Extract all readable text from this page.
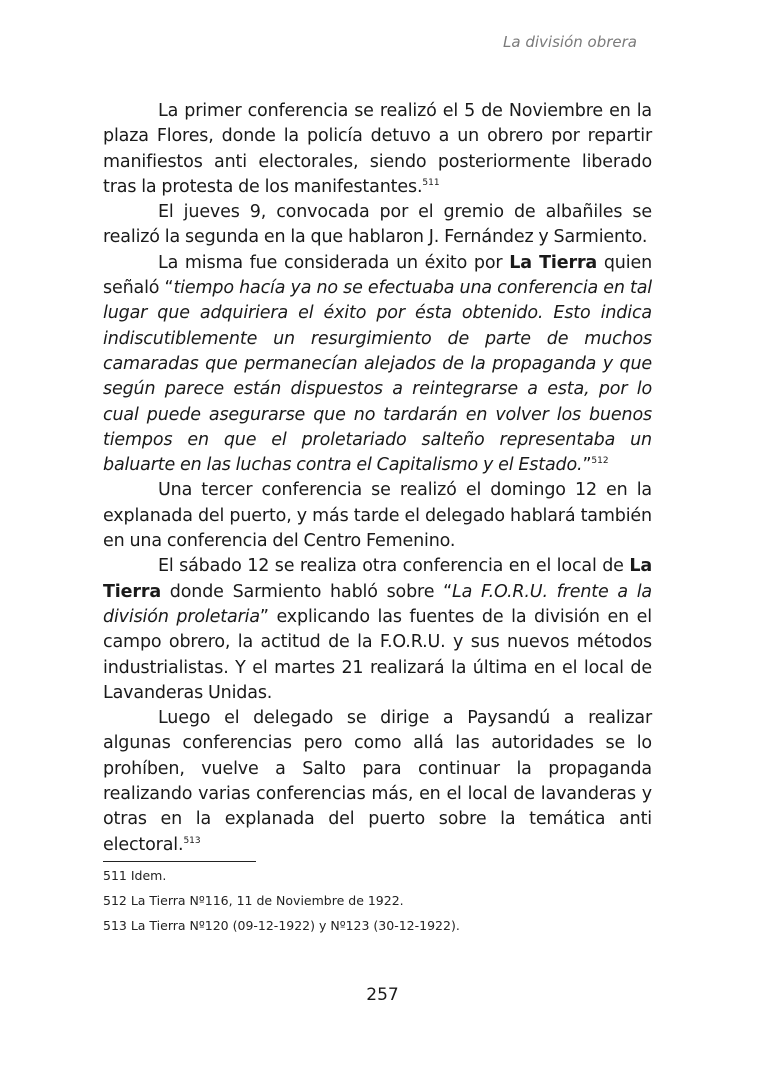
La división obrera

La primer conferencia se realizó el 5 de Noviembre en la plaza Flores, donde la policía detuvo a un obrero por repartir manifiestos anti electorales, siendo posteriormente liberado tras la protesta de los manifestantes.$^{511}$

El jueves 9, convocada por el gremio de albañiles se realizó la segunda en la que hablaron J. Fernández y Sarmiento.

La misma fue considerada un éxito por La Tierra quien señaló “tiempo hacía ya no se efectuaba una conferencia en tal lugar que adquiriera el éxito por ésta obtenido. Esto indica indiscutiblemente un resurgimiento de parte de muchos camaradas que permanecían alejados de la propaganda y que según parece están dispuestos a reintegrarse a esta, por lo cual puede asegurarse que no tardarán en volver los buenos tiempos en que el proletariado salteño representaba un baluarte en las luchas contra el Capitalismo y el Estado.”$^{512}$

Una tercer conferencia se realizó el domingo 12 en la explanada del puerto, y más tarde el delegado hablará también en una conferencia del Centro Femenino.

El sábado 12 se realiza otra conferencia en el local de La Tierra donde Sarmiento habló sobre “La F.O.R.U. frente a la división proletaria” explicando las fuentes de la división en el campo obrero, la actitud de la F.O.R.U. y sus nuevos métodos industrialistas. Y el martes 21 realizará la última en el local de Lavanderas Unidas.

Luego el delegado se dirige a Paysandú a realizar algunas conferencias pero como allá las autoridades se lo prohíben, vuelve a Salto para continuar la propaganda realizando varias conferencias más, en el local de lavanderas y otras en la explanada del puerto sobre la temática anti electoral.$^{513}$

511 Idem.
512 La Tierra Nº116, 11 de Noviembre de 1922.
513 La Tierra Nº120 (09-12-1922) y Nº123 (30-12-1922).
257
